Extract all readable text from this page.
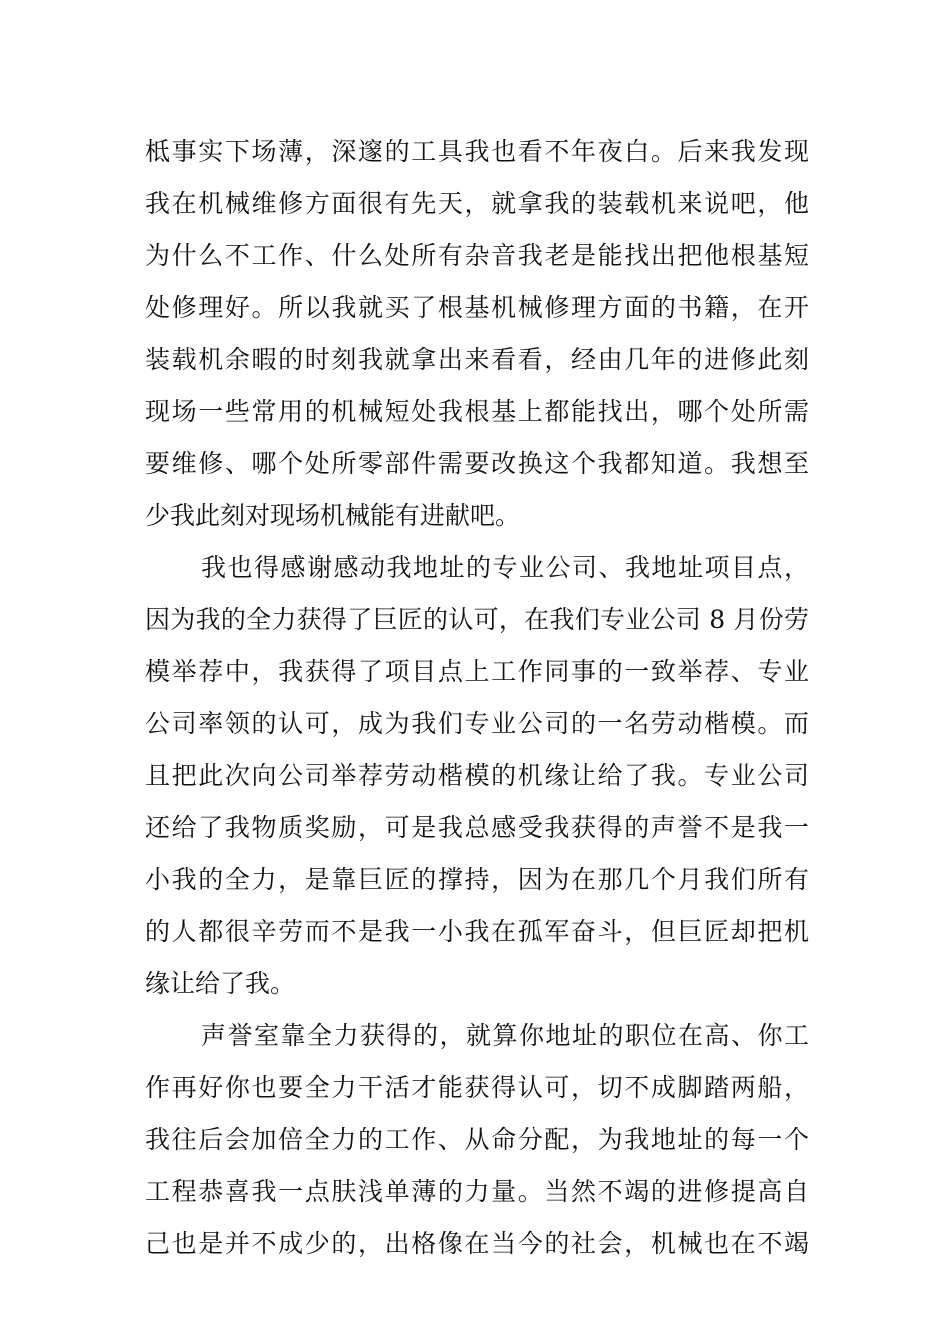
柢事实下场薄，深邃的工具我也看不年夜白。后来我发现
我在机械维修方面很有先天，就拿我的装载机来说吧，他
为什么不工作、什么处所有杂音我老是能找出把他根基短
处修理好。所以我就买了根基机械修理方面的书籍，在开
装载机余暇的时刻我就拿出来看看，经由几年的进修此刻
现场一些常用的机械短处我根基上都能找出，哪个处所需
要维修、哪个处所零部件需要改换这个我都知道。我想至
少我此刻对现场机械能有进献吧。
我也得感谢感动我地址的专业公司、我地址项目点，
因为我的全力获得了巨匠的认可，在我们专业公司 8 月份劳
模举荐中，我获得了项目点上工作同事的一致举荐、专业
公司率领的认可，成为我们专业公司的一名劳动楷模。而
且把此次向公司举荐劳动楷模的机缘让给了我。专业公司
还给了我物质奖励，可是我总感受我获得的声誉不是我一
小我的全力，是靠巨匠的撑持，因为在那几个月我们所有
的人都很辛劳而不是我一小我在孤军奋斗，但巨匠却把机
缘让给了我。
声誉室靠全力获得的，就算你地址的职位在高、你工
作再好你也要全力干活才能获得认可，切不成脚踏两船，
我往后会加倍全力的工作、从命分配，为我地址的每一个
工程恭喜我一点肤浅单薄的力量。当然不竭的进修提高自
己也是并不成少的，出格像在当今的社会，机械也在不竭
